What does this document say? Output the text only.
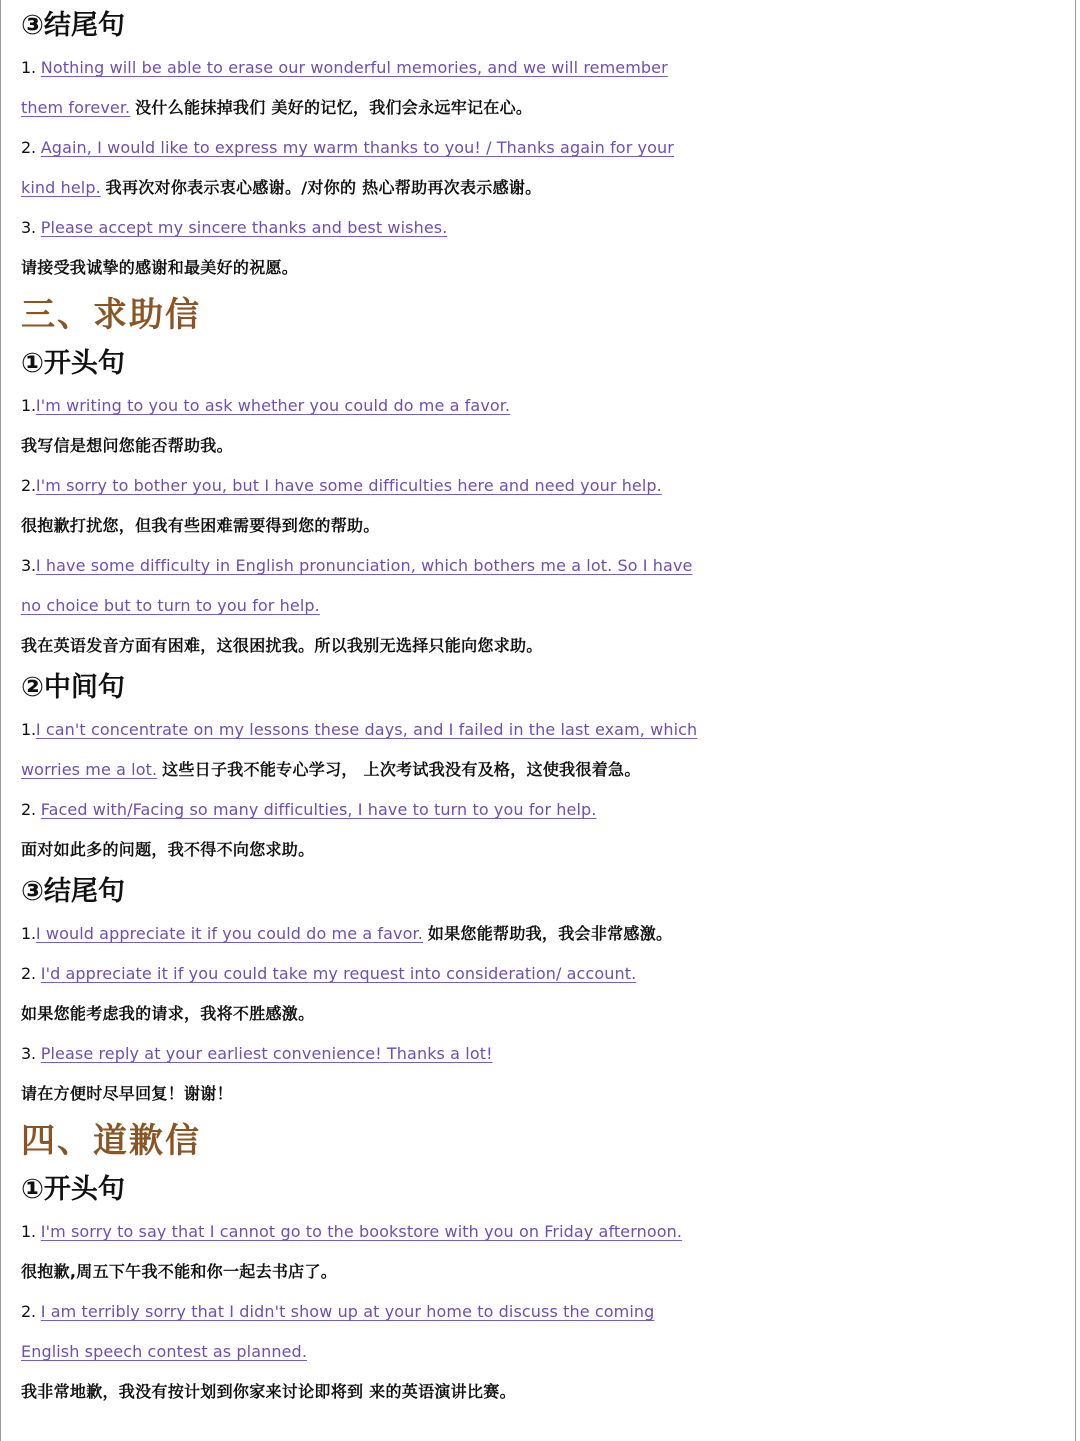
③结尾句
1. Nothing will be able to erase our wonderful memories, and we will remember
them forever. 没什么能抹掉我们 美好的记忆，我们会永远牢记在心。
2. Again, I would like to express my warm thanks to you! / Thanks again for your
kind help. 我再次对你表示衷心感谢。/对你的 热心帮助再次表示感谢。
3. Please accept my sincere thanks and best wishes.
请接受我诚挚的感谢和最美好的祝愿。
三、求助信
①开头句
1.I'm writing to you to ask whether you could do me a favor.
我写信是想问您能否帮助我。
2.I'm sorry to bother you, but I have some difficulties here and need your help.
很抱歉打扰您，但我有些困难需要得到您的帮助。
3.I have some difficulty in English pronunciation, which bothers me a lot. So I have
no choice but to turn to you for help.
我在英语发音方面有困难，这很困扰我。所以我别无选择只能向您求助。
②中间句
1.I can't concentrate on my lessons these days, and I failed in the last exam, which
worries me a lot. 这些日子我不能专心学习， 上次考试我没有及格，这使我很着急。
2. Faced with/Facing so many difficulties, I have to turn to you for help.
面对如此多的问题，我不得不向您求助。
③结尾句
1.I would appreciate it if you could do me a favor. 如果您能帮助我，我会非常感激。
2. I'd appreciate it if you could take my request into consideration/ account.
如果您能考虑我的请求，我将不胜感激。
3. Please reply at your earliest convenience! Thanks a lot!
请在方便时尽早回复！谢谢！
四、道歉信
①开头句
1. I'm sorry to say that I cannot go to the bookstore with you on Friday afternoon.
很抱歉,周五下午我不能和你一起去书店了。
2. I am terribly sorry that I didn't show up at your home to discuss the coming
English speech contest as planned.
我非常地歉，我没有按计划到你家来讨论即将到 来的英语演讲比赛。
